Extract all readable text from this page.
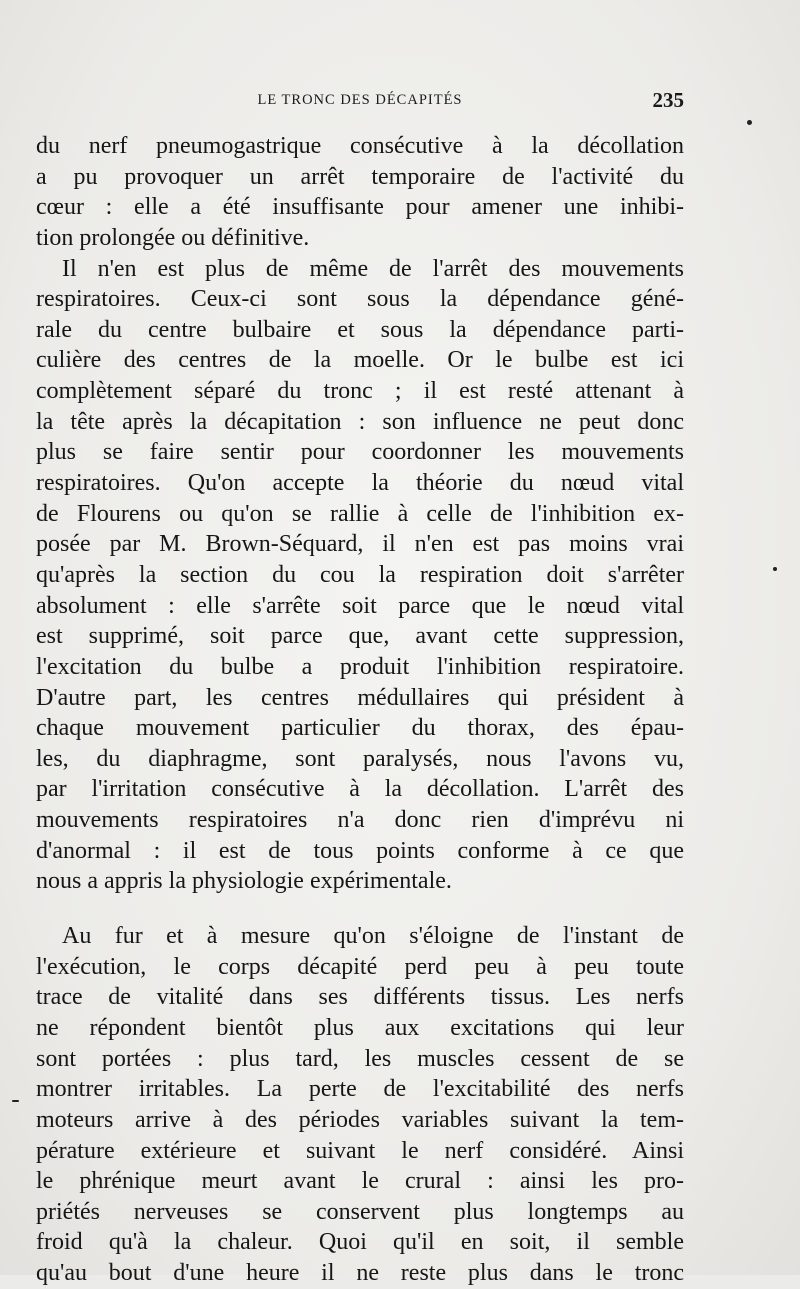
LE TRONC DES DÉCAPITÉS	235
du nerf pneumogastrique consécutive à la décollation
a pu provoquer un arrêt temporaire de l'activité du
cœur : elle a été insuffisante pour amener une inhibi-
tion prolongée ou définitive.
Il n'en est plus de même de l'arrêt des mouvements
respiratoires. Ceux-ci sont sous la dépendance géné-
rale du centre bulbaire et sous la dépendance parti-
culière des centres de la moelle. Or le bulbe est ici
complètement séparé du tronc ; il est resté attenant à
la tête après la décapitation : son influence ne peut donc
plus se faire sentir pour coordonner les mouvements
respiratoires. Qu'on accepte la théorie du nœud vital
de Flourens ou qu'on se rallie à celle de l'inhibition ex-
posée par M. Brown-Séquard, il n'en est pas moins vrai
qu'après la section du cou la respiration doit s'arrêter
absolument : elle s'arrête soit parce que le nœud vital
est supprimé, soit parce que, avant cette suppression,
l'excitation du bulbe a produit l'inhibition respiratoire.
D'autre part, les centres médullaires qui président à
chaque mouvement particulier du thorax, des épau-
les, du diaphragme, sont paralysés, nous l'avons vu,
par l'irritation consécutive à la décollation. L'arrêt des
mouvements respiratoires n'a donc rien d'imprévu ni
d'anormal : il est de tous points conforme à ce que
nous a appris la physiologie expérimentale.
Au fur et à mesure qu'on s'éloigne de l'instant de
l'exécution, le corps décapité perd peu à peu toute
trace de vitalité dans ses différents tissus. Les nerfs
ne répondent bientôt plus aux excitations qui leur
sont portées : plus tard, les muscles cessent de se
montrer irritables. La perte de l'excitabilité des nerfs
moteurs arrive à des périodes variables suivant la tem-
pérature extérieure et suivant le nerf considéré. Ainsi
le phrénique meurt avant le crural : ainsi les pro-
priétés nerveuses se conservent plus longtemps au
froid qu'à la chaleur. Quoi qu'il en soit, il semble
qu'au bout d'une heure il ne reste plus dans le tronc
